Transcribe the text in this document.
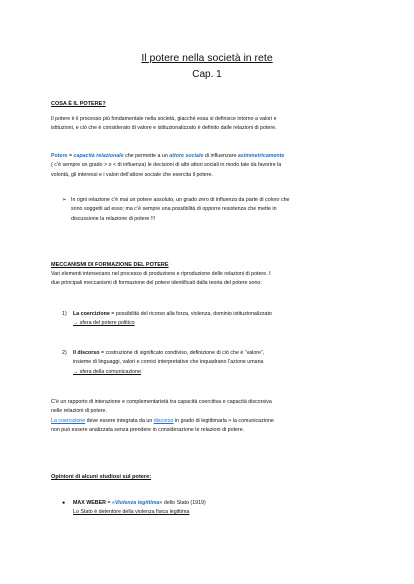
Il potere nella società in rete
Cap. 1
COSA È IL POTERE?
Il potere è il processo più fondamentale nella società, giacché essa si definisce intorno a valori e
istituzioni, e ciò che è considerato di valore e istituzionalizzato è definito dalle relazioni di potere.
Potere = capacità relazionale che permette a un attore sociale di influenzare asimmetricamente
( c’è sempre un grado > o < di influenza) le decisioni di altri attori sociali in modo tale da favorire la
volontà, gli interessi e i valori dell’attore sociale che esercita il potere.
➢ In ogni relazione c’è mai un potere assoluto, un grado zero di influenza da parte di coloro che
sono soggetti ad esso; ma c’è sempre una possibilità di opporre resistenza che mette in
discussione la relazione di potere !!!
MECCANISMI DI FORMAZIONE DEL POTERE
Vari elementi intersecano nel processo di produzione e riproduzione delle relazioni di potere. I
due principali meccanismi di formazione del potere identificati dalla teoria del potere sono:
1) La coercizione = possibilità del ricorso alla forza, violenza, dominio istituzionalizzato
→ sfera del potere politico
2) Il discorso = costruzione di significato condiviso, definizione di ciò che è “valore”,
insieme di linguaggi, valori e cornici interpretative che inquadrano l’azione umana
→ sfera della comunicazione
C’è un rapporto di interazione e complementarietà tra capacità coercitiva e capacità discorsiva
nelle relazioni di potere.
La coercizione deve essere integrata da un discorso in grado di legittimarla > la comunicazione
non può essere analizzata senza prendere in considerazione le relazioni di potere.
Opinioni di alcuni studiosi sul potere:
● MAX WEBER = «Violenza legittima» dello Stato (1919)
Lo Stato è detentore della violenza fisica legittima
